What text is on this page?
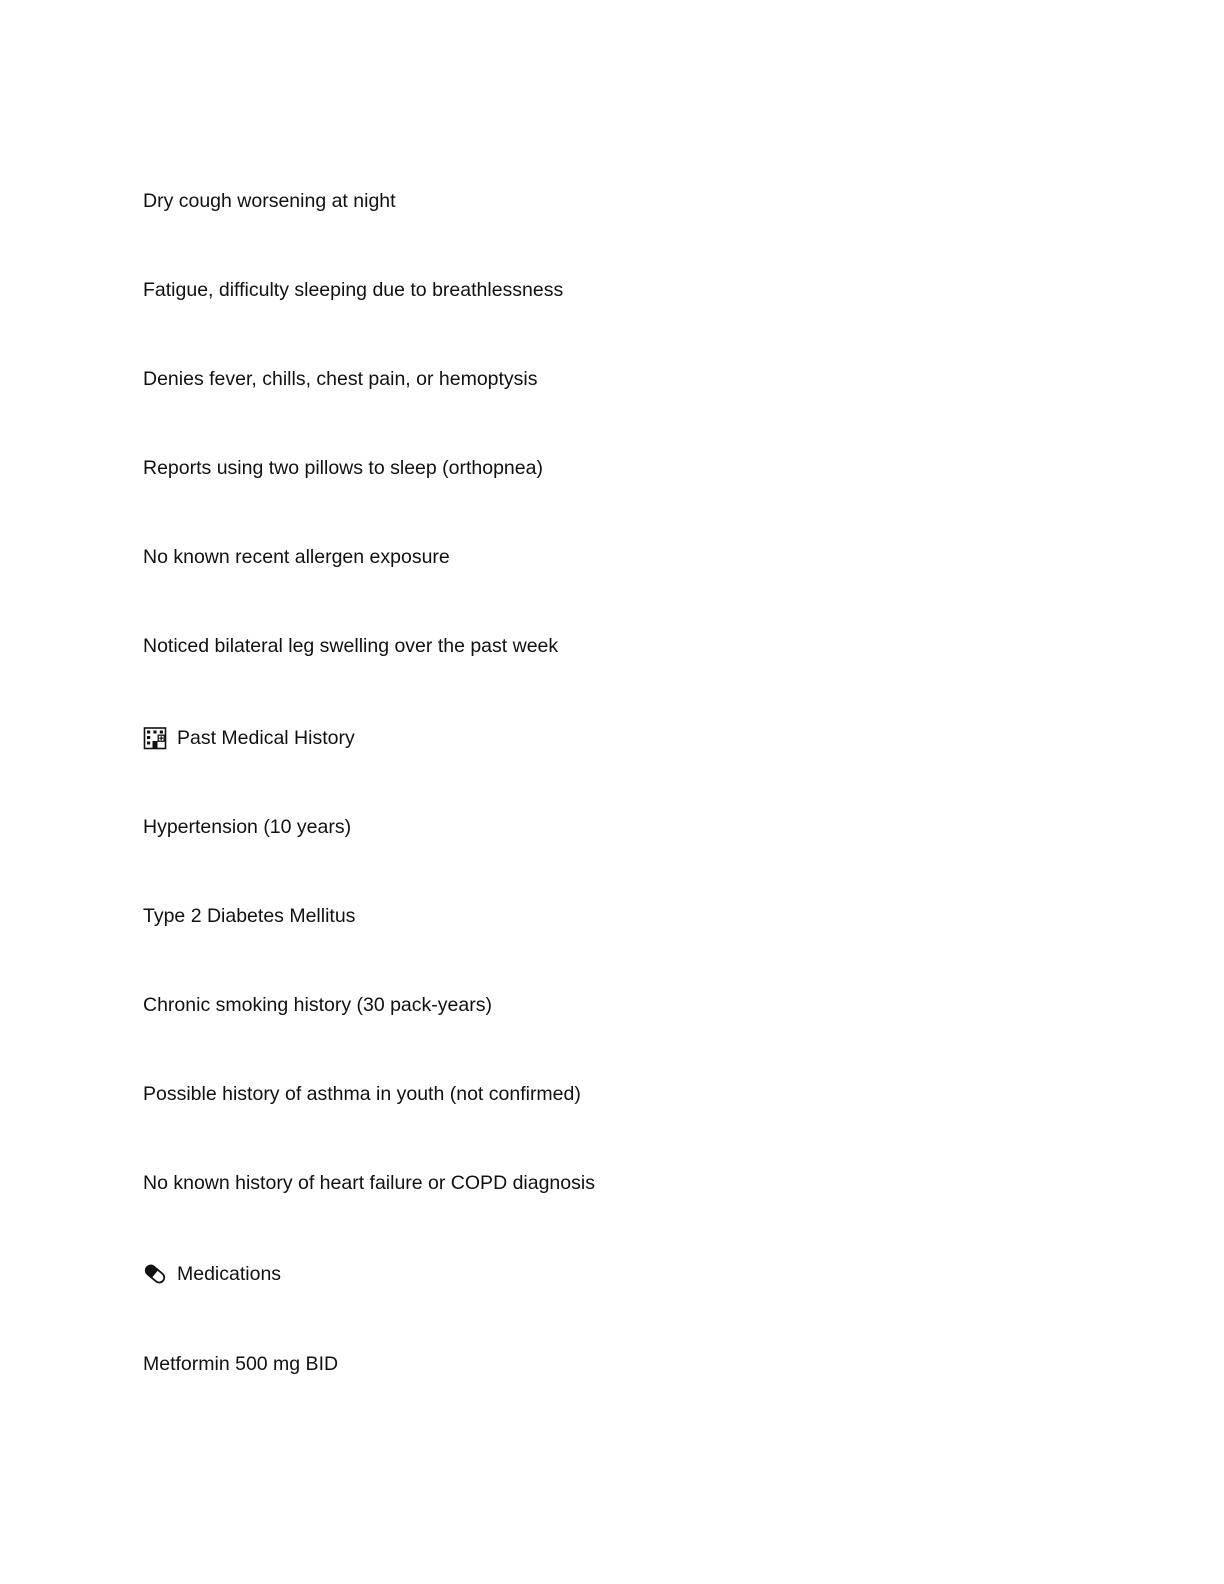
Dry cough worsening at night
Fatigue, difficulty sleeping due to breathlessness
Denies fever, chills, chest pain, or hemoptysis
Reports using two pillows to sleep (orthopnea)
No known recent allergen exposure
Noticed bilateral leg swelling over the past week
Past Medical History
Hypertension (10 years)
Type 2 Diabetes Mellitus
Chronic smoking history (30 pack-years)
Possible history of asthma in youth (not confirmed)
No known history of heart failure or COPD diagnosis
Medications
Metformin 500 mg BID
